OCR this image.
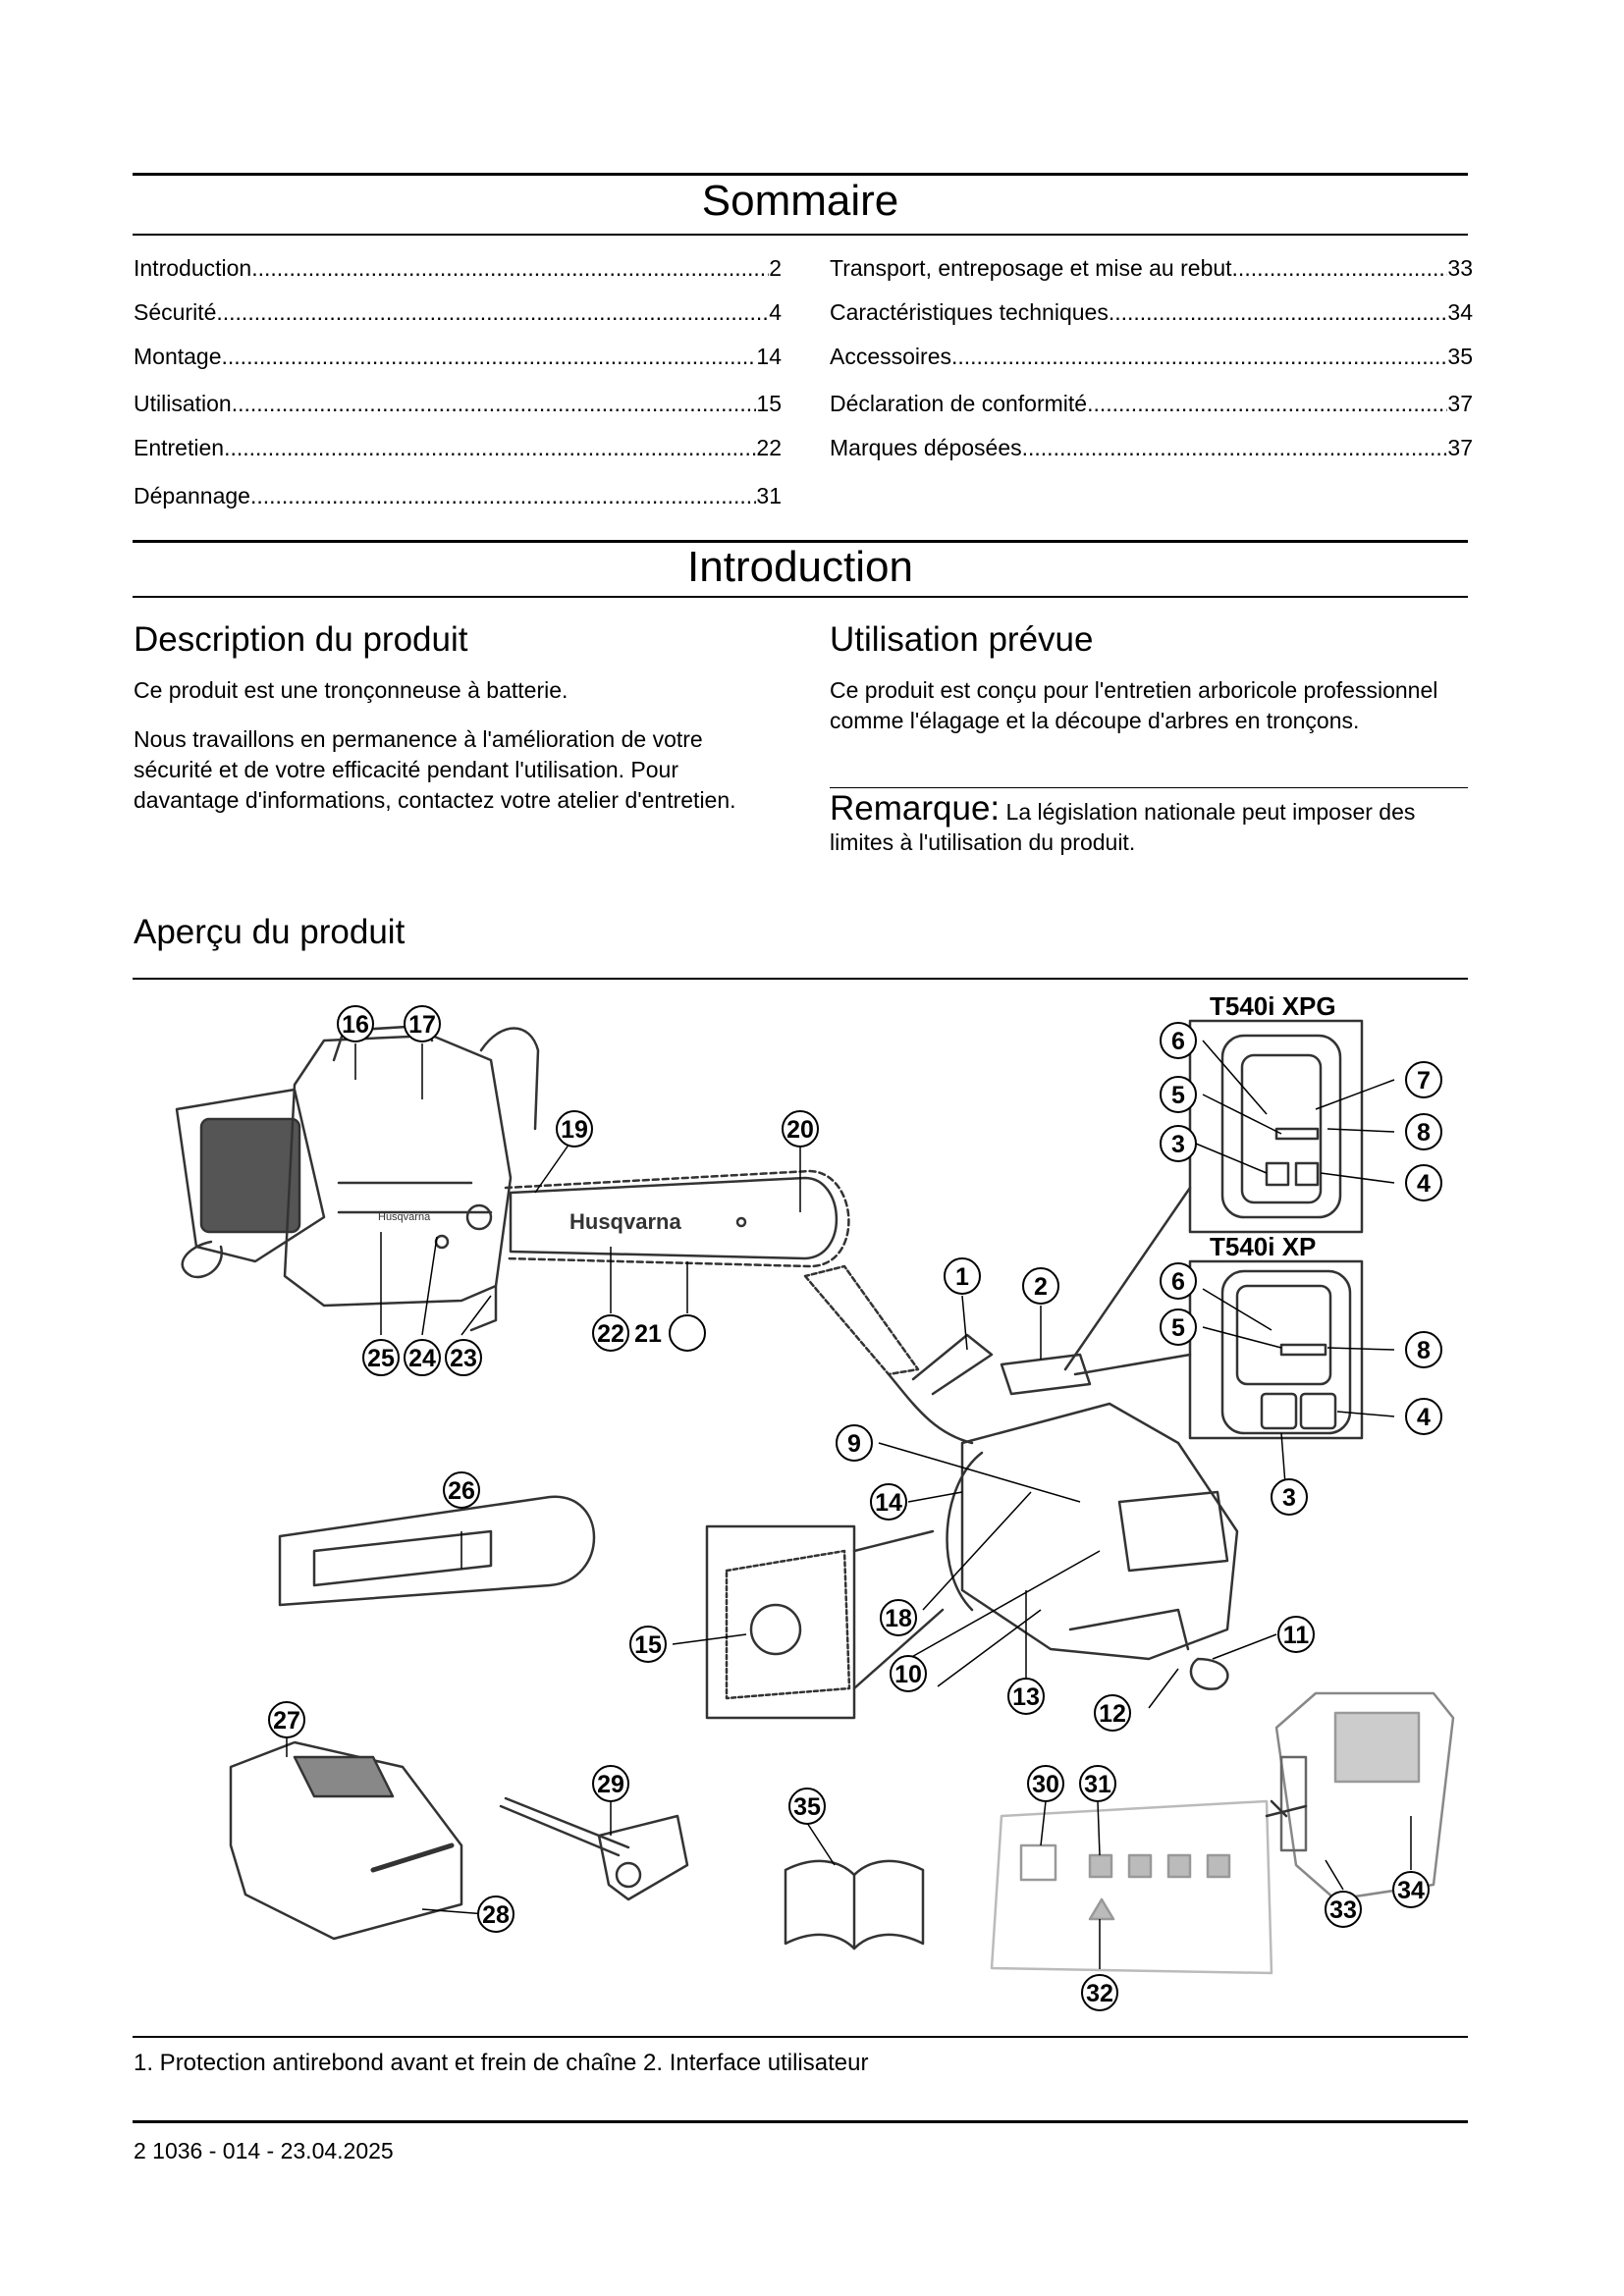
Sommaire
Introduction .....	2
Sécurité .....	4
Montage .....	14
Utilisation .....	15
Entretien .....	22
Dépannage .....	31
Transport, entreposage et mise au rebut .....	33
Caractéristiques techniques .....	34
Accessoires .....	35
Déclaration de conformité .....	37
Marques déposées .....	37
Introduction
Description du produit
Ce produit est une tronçonneuse à batterie.
Nous travaillons en permanence à l'amélioration de votre sécurité et de votre efficacité pendant l'utilisation. Pour davantage d'informations, contactez votre atelier d'entretien.
Utilisation prévue
Ce produit est conçu pour l'entretien arboricole professionnel comme l'élagage et la découpe d'arbres en tronçons.
Remarque: La législation nationale peut imposer des limites à l'utilisation du produit.
Aperçu du produit
Husqvarna	Husqvarna
16 17
19	20
25 24 23
22 21
1	2
9
14
18
10
13
12
11
15
6
7
5
8
3
4
6
5
8
4
3
26
27
28
29
35
30 31
32
33
34
T540i XPG
T540i XP
1. Protection antirebond avant et frein de chaîne 2. Interface utilisateur
2 1036 - 014 - 23.04.2025
